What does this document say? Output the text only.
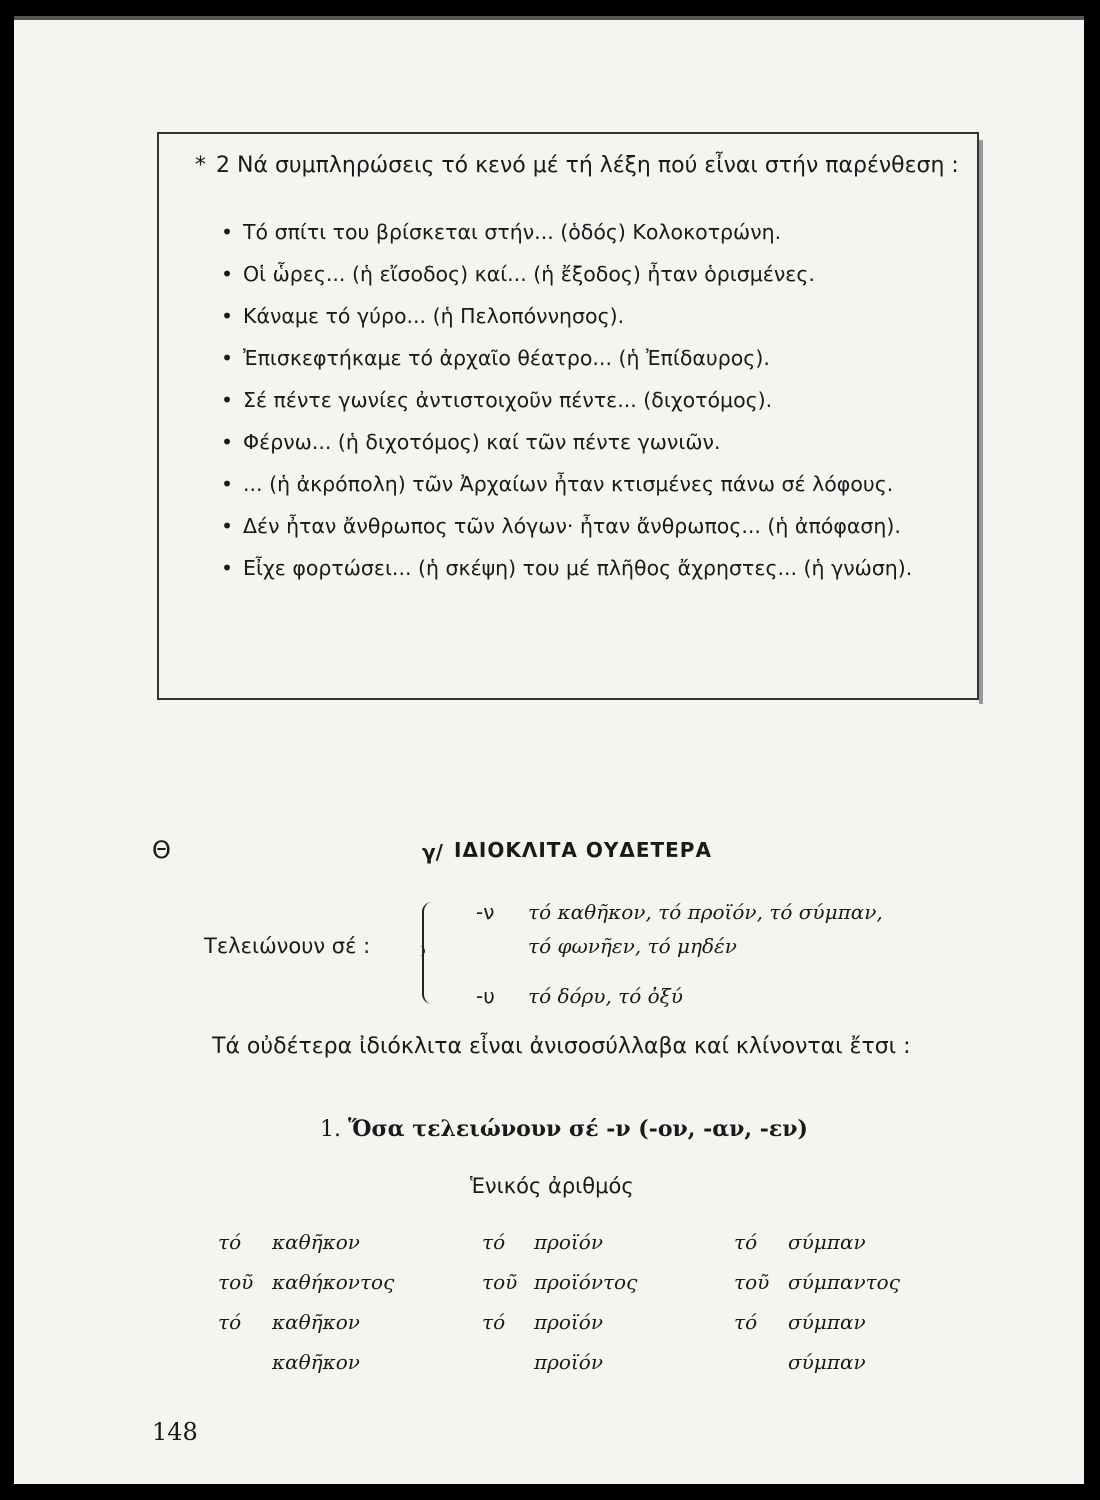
* 2 Νά συμπληρώσεις τό κενό μέ τή λέξη πού εἶναι στήν παρένθεση :
• Τό σπίτι του βρίσκεται στήν... (ὁδός) Κολοκοτρώνη.
• Οἱ ὧρες... (ἡ εἴσοδος) καί... (ἡ ἔξοδος) ἦταν ὁρισμένες.
• Κάναμε τό γύρο... (ἡ Πελοπόννησος).
• Ἐπισκεφτήκαμε τό ἀρχαῖο θέατρο... (ἡ Ἐπίδαυρος).
• Σέ πέντε γωνίες ἀντιστοιχοῦν πέντε... (διχοτόμος).
• Φέρνω... (ἡ διχοτόμος) καί τῶν πέντε γωνιῶν.
• ... (ἡ ἀκρόπολη) τῶν Ἀρχαίων ἦταν κτισμένες πάνω σέ λόφους.
• Δέν ἦταν ἄνθρωπος τῶν λόγων· ἦταν ἄνθρωπος... (ἡ ἀπόφαση).
• Εἶχε φορτώσει... (ἡ σκέψη) του μέ πλῆθος ἄχρηστες... (ἡ γνώση).
Θ	γ/ ΙΔΙΟΚΛΙΤΑ ΟΥΔΕΤΕΡΑ
Τελειώνουν σέ :
-ν τό καθῆκον, τό προϊόν, τό σύμπαν,
τό φωνῆεν, τό μηδέν
-υ τό δόρυ, τό ὀξύ
Τά οὐδέτερα ἰδιόκλιτα εἶναι ἀνισοσύλλαβα καί κλίνονται ἔτσι :
1. Ὅσα τελειώνουν σέ -ν (-ον, -αν, -εν)
Ἑνικός ἀριθμός
τό καθῆκον	τό προϊόν	τό σύμπαν
τοῦ καθήκοντος	τοῦ προϊόντος	τοῦ σύμπαντος
τό καθῆκον	τό προϊόν	τό σύμπαν
καθῆκον	προϊόν	σύμπαν
148
